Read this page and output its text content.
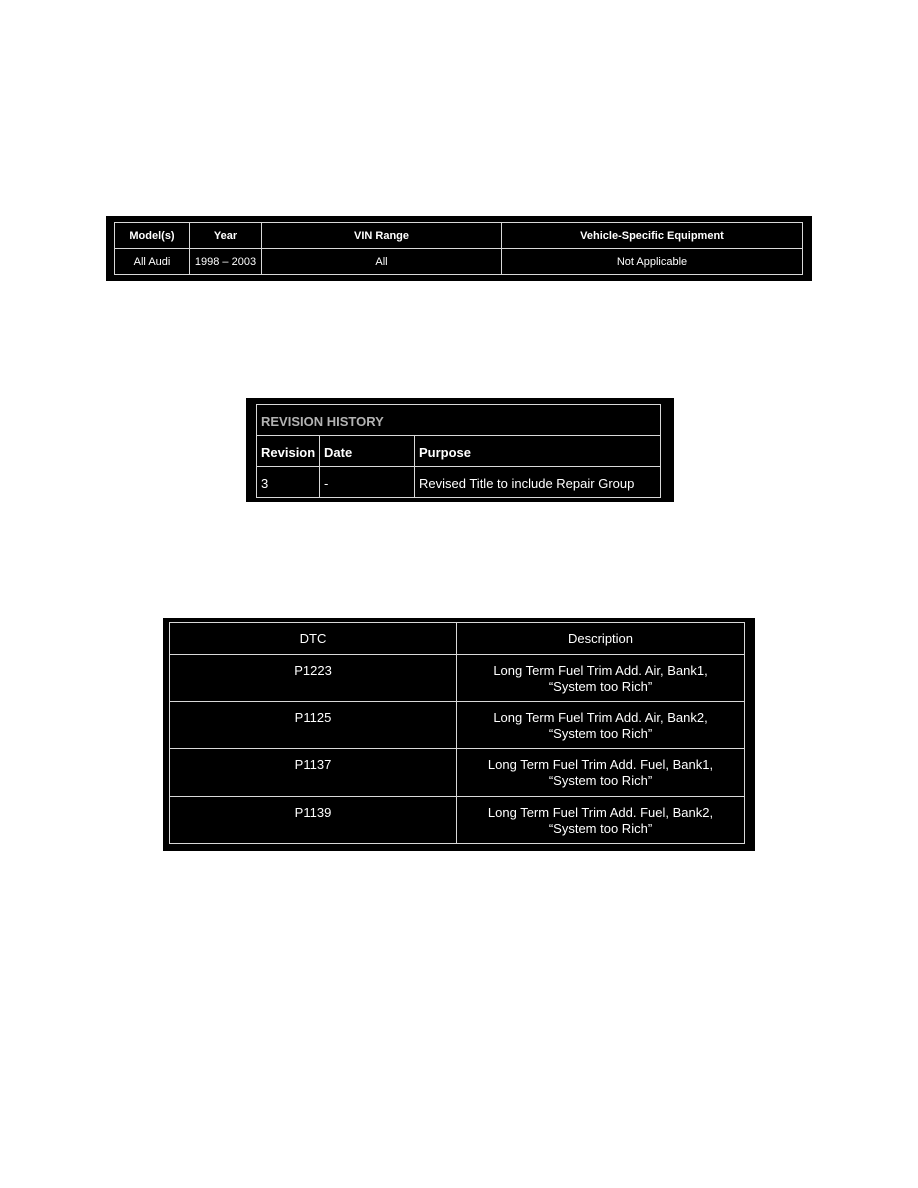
Model(s)	Year	VIN Range	Vehicle-Specific Equipment
All Audi	1998 – 2003	All	Not Applicable
REVISION HISTORY		
Revision	Date	Purpose
3	-	Revised Title to include Repair Group
DTC	Description
P1223	Long Term Fuel Trim Add. Air, Bank1,
“System too Rich”

P1125	Long Term Fuel Trim Add. Air, Bank2,
“System too Rich”

P1137	Long Term Fuel Trim Add. Fuel, Bank1,
“System too Rich”

P1139	Long Term Fuel Trim Add. Fuel, Bank2,
“System too Rich”
